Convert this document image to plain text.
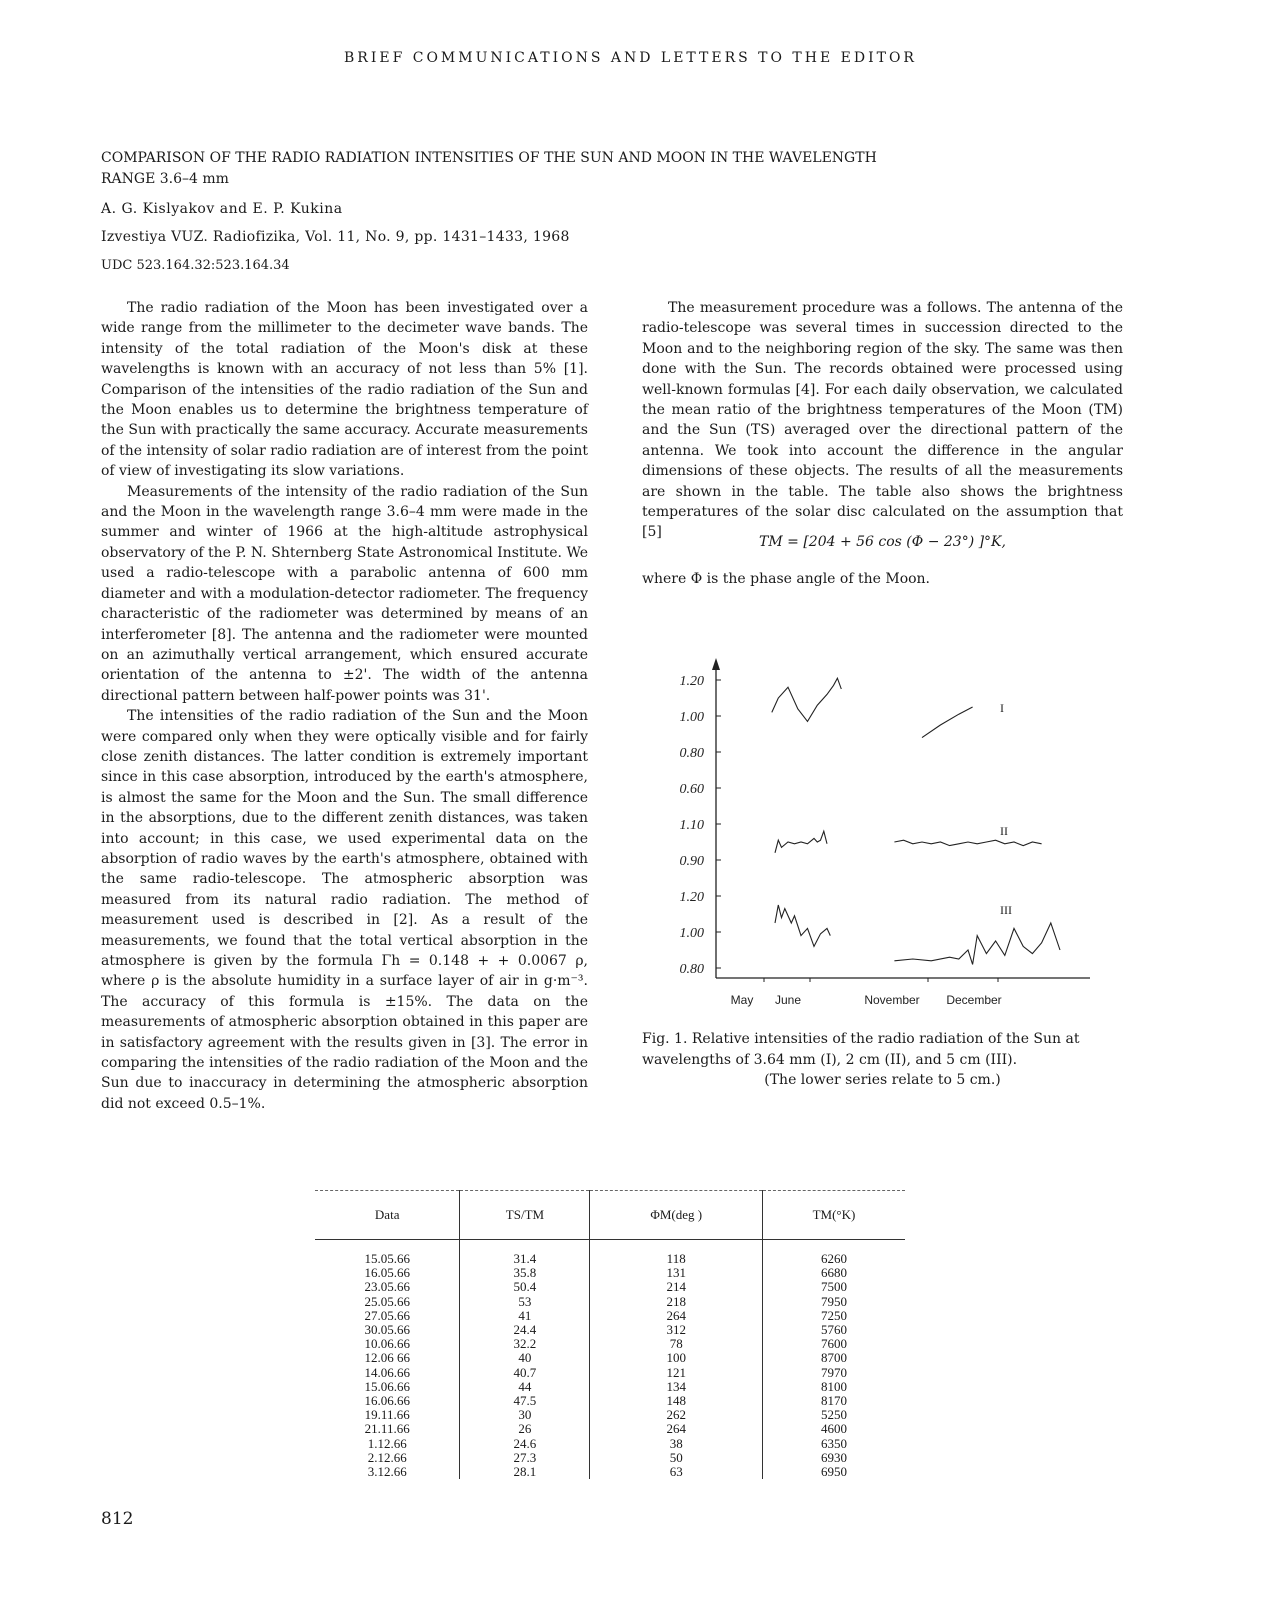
BRIEF COMMUNICATIONS AND LETTERS TO THE EDITOR
COMPARISON OF THE RADIO RADIATION INTENSITIES OF THE SUN AND MOON IN THE WAVELENGTH RANGE 3.6–4 mm
A. G. Kislyakov and E. P. Kukina
Izvestiya VUZ. Radiofizika, Vol. 11, No. 9, pp. 1431–1433, 1968
UDC 523.164.32:523.164.34

The radio radiation of the Moon has been investigated over a wide range from the millimeter to the decimeter wave bands. The intensity of the total radiation of the Moon's disk at these wavelengths is known with an accuracy of not less than 5% [1]. Comparison of the intensities of the radio radiation of the Sun and the Moon enables us to determine the brightness temperature of the Sun with practically the same accuracy. Accurate measurements of the intensity of solar radio radiation are of interest from the point of view of investigating its slow variations.

Measurements of the intensity of the radio radiation of the Sun and the Moon in the wavelength range 3.6–4 mm were made in the summer and winter of 1966 at the high-altitude astrophysical observatory of the P. N. Shternberg State Astronomical Institute. We used a radio-telescope with a parabolic antenna of 600 mm diameter and with a modulation-detector radiometer. The frequency characteristic of the radiometer was determined by means of an interferometer [8]. The antenna and the radiometer were mounted on an azimuthally vertical arrangement, which ensured accurate orientation of the antenna to ±2'. The width of the antenna directional pattern between half-power points was 31'.

The intensities of the radio radiation of the Sun and the Moon were compared only when they were optically visible and for fairly close zenith distances. The latter condition is extremely important since in this case absorption, introduced by the earth's atmosphere, is almost the same for the Moon and the Sun. The small difference in the absorptions, due to the different zenith distances, was taken into account; in this case, we used experimental data on the absorption of radio waves by the earth's atmosphere, obtained with the same radio-telescope. The atmospheric absorption was measured from its natural radio radiation. The method of measurement used is described in [2]. As a result of the measurements, we found that the total vertical absorption in the atmosphere is given by the formula Γh = 0.148 + + 0.0067 ρ, where ρ is the absolute humidity in a surface layer of air in g·m⁻³. The accuracy of this formula is ±15%. The data on the measurements of atmospheric absorption obtained in this paper are in satisfactory agreement with the results given in [3]. The error in comparing the intensities of the radio radiation of the Moon and the Sun due to inaccuracy in determining the atmospheric absorption did not exceed 0.5–1%.

The measurement procedure was a follows. The antenna of the radio-telescope was several times in succession directed to the Moon and to the neighboring region of the sky. The same was then done with the Sun. The records obtained were processed using well-known formulas [4]. For each daily observation, we calculated the mean ratio of the brightness temperatures of the Moon (TM) and the Sun (TS) averaged over the directional pattern of the antenna. We took into account the difference in the angular dimensions of these objects. The results of all the measurements are shown in the table. The table also shows the brightness temperatures of the solar disc calculated on the assumption that [5]

TM = [204 + 56 cos (Φ − 23°) ]°K,
where Φ is the phase angle of the Moon.
1.20
1.00
0.80
0.60
1.10
0.90
1.20
1.00
0.80
May June	November December
I
II
III
Fig. 1. Relative intensities of the radio radiation of the Sun at wavelengths of 3.64 mm (I), 2 cm (II), and 5 cm (III).
(The lower series relate to 5 cm.)
Data	TS/TM	ΦM(deg )	TM(°K)
15.05.66	31.4	118	6260
16.05.66	35.8	131	6680
23.05.66	50.4	214	7500
25.05.66	53	218	7950
27.05.66	41	264	7250
30.05.66	24.4	312	5760
10.06.66	32.2	78	7600
12.06 66	40	100	8700
14.06.66	40.7	121	7970
15.06.66	44	134	8100
16.06.66	47.5	148	8170
19.11.66	30	262	5250
21.11.66	26	264	4600
1.12.66	24.6	38	6350
2.12.66	27.3	50	6930
3.12.66	28.1	63	6950
812
